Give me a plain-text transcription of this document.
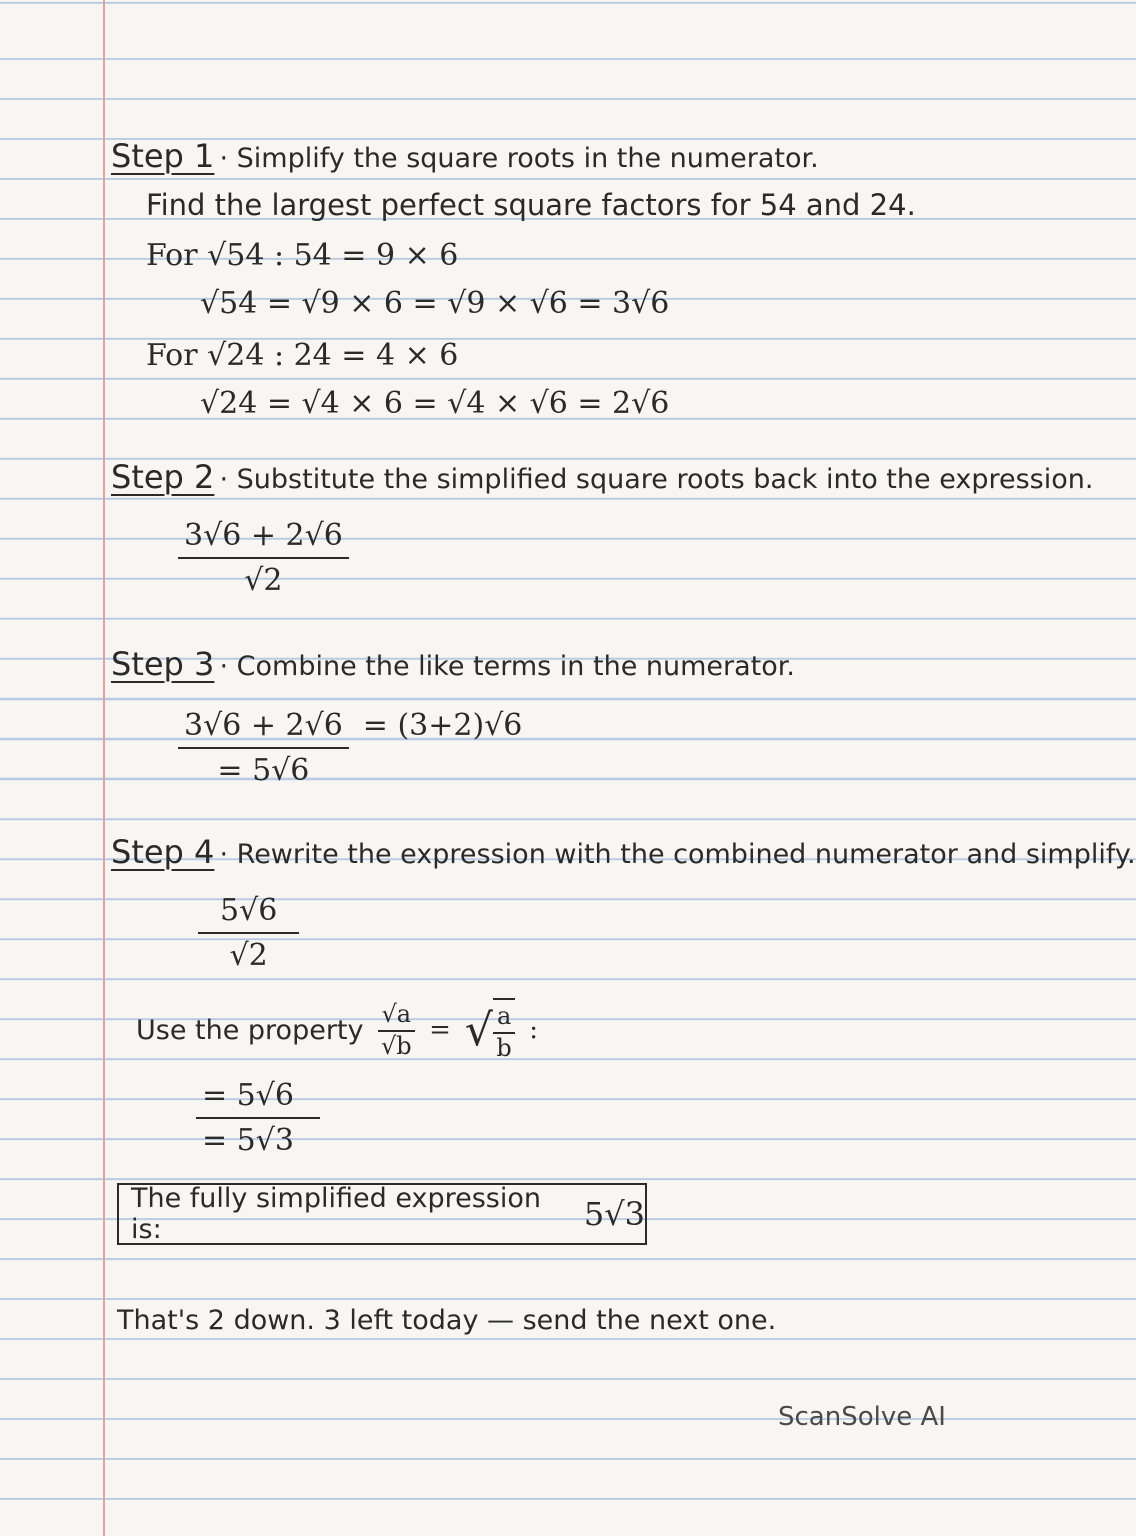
Step 1 · Simplify the square roots in the numerator.
Find the largest perfect square factors for 54 and 24.
For √54 : 54 = 9 × 6
√54 = √9 × 6 = √9 × √6 = 3√6
For √24 : 24 = 4 × 6
√24 = √4 × 6 = √4 × √6 = 2√6
Step 2 · Substitute the simplified square roots back into the expression.
$\frac{3√6 + 2√6}{√2}$
Step 3 · Combine the like terms in the numerator.
$\frac{3√6 + 2√6}{= 5√6} = (3+2)√6$
Step 4 · Rewrite the expression with the combined numerator and simplify.
$\frac{5√6}{√2}$
Use the property $\frac{√a}{√b}$ = √ $\frac{a}{b}$ :
$\frac{= 5√6}{= 5√3}$
The fully simplified expression is:	5√3
That's 2 down. 3 left today — send the next one.
ScanSolve AI
